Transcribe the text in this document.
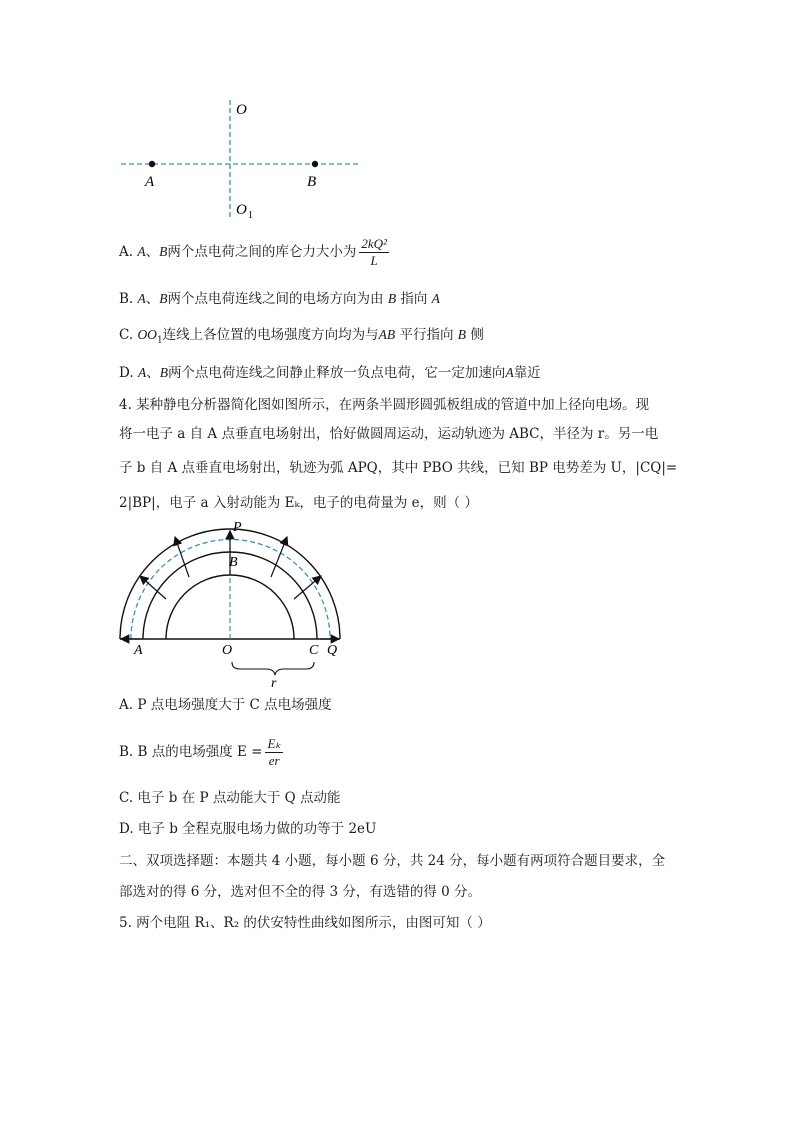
O
A	B
O 1
A. A、B两个点电荷之间的库仑力大小为 $\frac{\text{2kQ²}}{L}$
B. A、B两个点电荷连线之间的电场方向为由 B 指向 A
C. $OO_1$连线上各位置的电场强度方向均为与AB 平行指向 B 侧
D. A、B两个点电荷连线之间静止释放一负点电荷，它一定加速向A靠近
4. 某种静电分析器简化图如图所示，在两条半圆形圆弧板组成的管道中加上径向电场。现
将一电子 a 自 A 点垂直电场射出，恰好做圆周运动，运动轨迹为 ABC，半径为 r。另一电
子 b 自 A 点垂直电场射出，轨迹为弧 APQ，其中 PBO 共线，已知 BP 电势差为 U，|CQ|=
2|BP|，电子 a 入射动能为 Eₖ，电子的电荷量为 e，则（ ）
P
B
A	O	C Q
r
A. P 点电场强度大于 C 点电场强度
B. B 点的电场强度 $E = \frac{\text{Eₖ}}{er}$
C. 电子 b 在 P 点动能大于 Q 点动能
D. 电子 b 全程克服电场力做的功等于 2eU
二、双项选择题：本题共 4 小题，每小题 6 分，共 24 分，每小题有两项符合题目要求，全
部选对的得 6 分，选对但不全的得 3 分，有选错的得 0 分。
5. 两个电阻 R₁、R₂ 的伏安特性曲线如图所示，由图可知（ ）
